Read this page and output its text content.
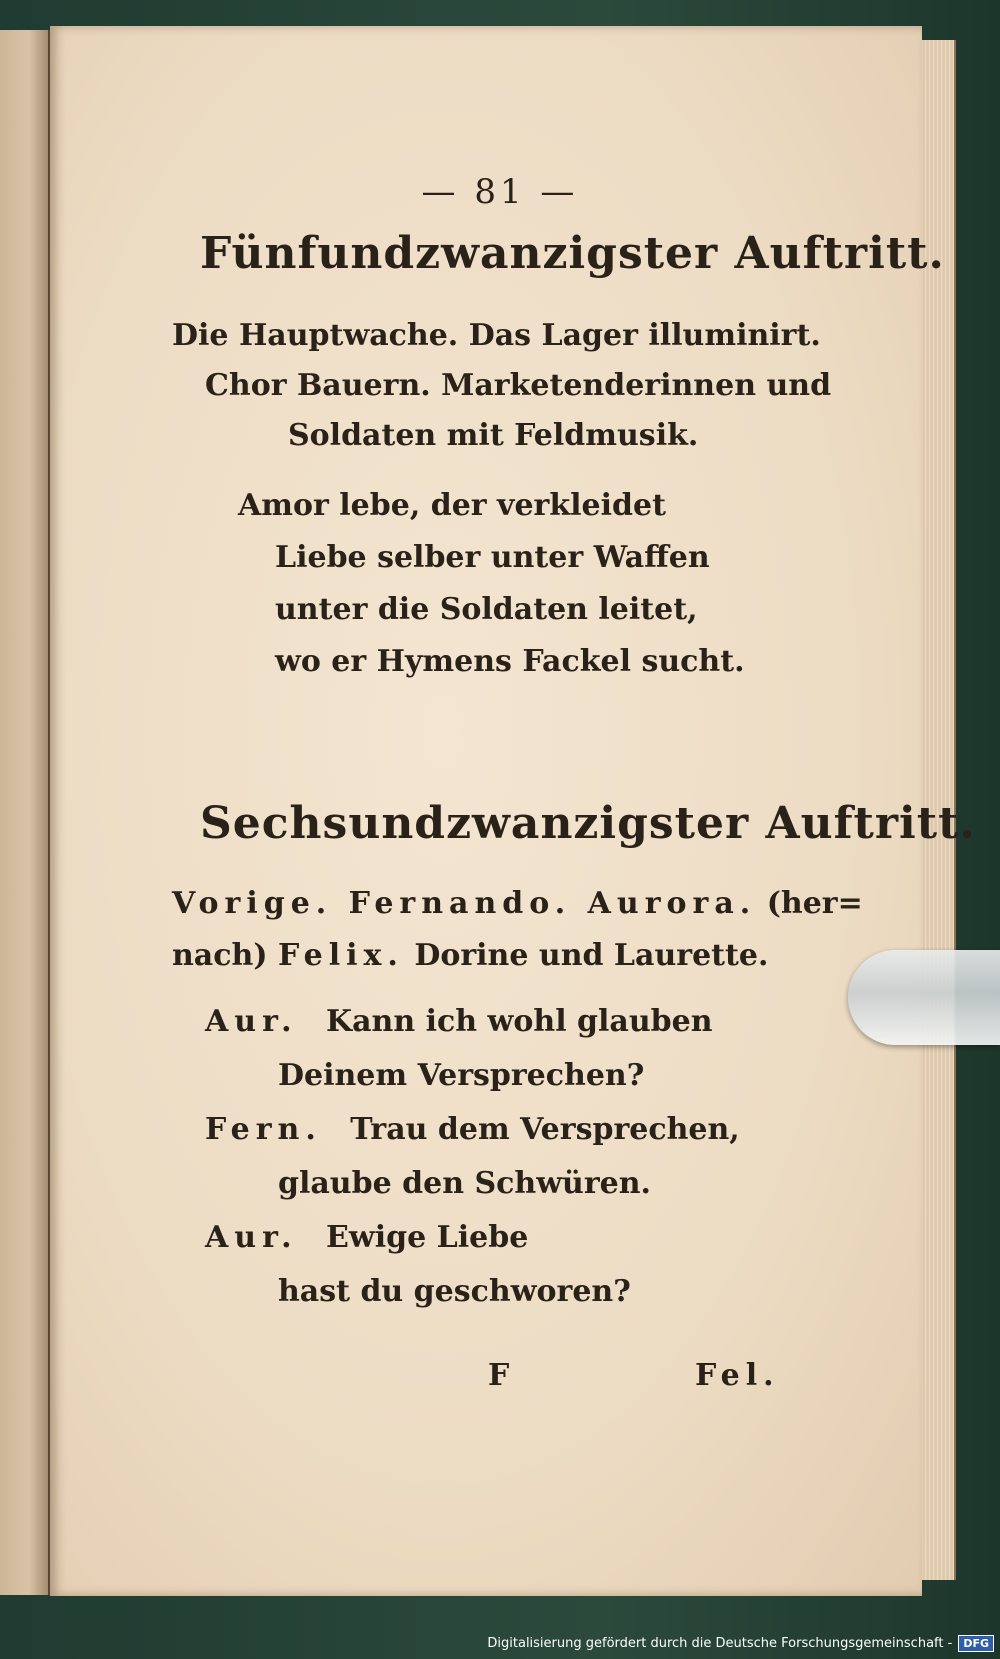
— 81 —
Fünfundzwanzigster Auftritt.
Die Hauptwache. Das Lager illuminirt.
Chor Bauern. Marketenderinnen und
Soldaten mit Feldmusik.
Amor lebe, der verkleidet
Liebe selber unter Waffen
unter die Soldaten leitet,
wo er Hymens Fackel sucht.
Sechsundzwanzigster Auftritt.
Vorige. Fernando. Aurora. (her=
nach) Felix. Dorine und Laurette.
Aur. Kann ich wohl glauben
Deinem Versprechen?
Fern. Trau dem Versprechen,
glaube den Schwüren.
Aur. Ewige Liebe
hast du geschworen?
F	Fel.
Digitalisierung gefördert durch die Deutsche Forschungsgemeinschaft -	DFG
